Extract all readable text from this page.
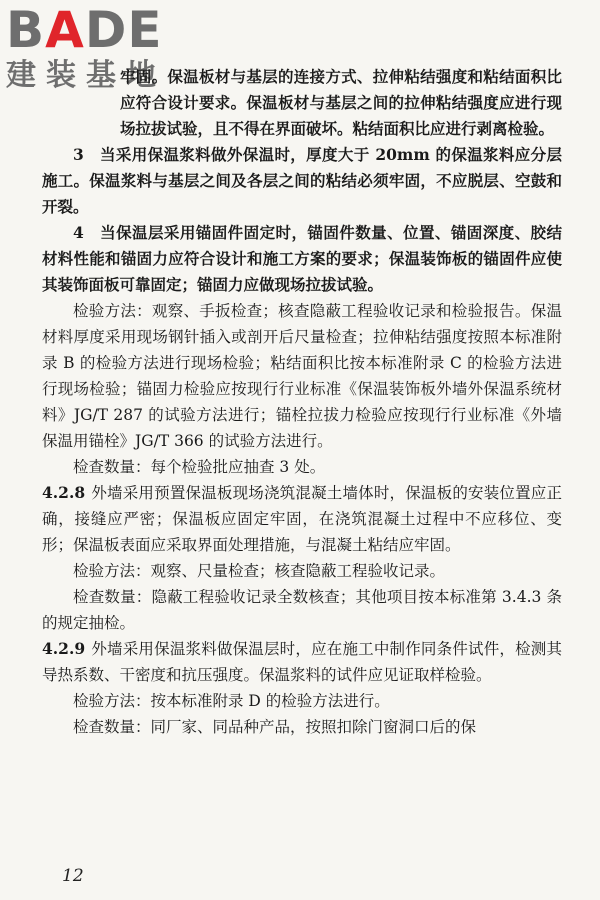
BADE
建装基地

牢固。保温板材与基层的连接方式、拉伸粘结强度和粘结面积比应符合设计要求。保温板材与基层之间的拉伸粘结强度应进行现场拉拔试验，且不得在界面破坏。粘结面积比应进行剥离检验。

3　当采用保温浆料做外保温时，厚度大于 20mm 的保温浆料应分层施工。保温浆料与基层之间及各层之间的粘结必须牢固，不应脱层、空鼓和开裂。

4　当保温层采用锚固件固定时，锚固件数量、位置、锚固深度、胶结材料性能和锚固力应符合设计和施工方案的要求；保温装饰板的锚固件应使其装饰面板可靠固定；锚固力应做现场拉拔试验。

检验方法：观察、手扳检查；核查隐蔽工程验收记录和检验报告。保温材料厚度采用现场钢针插入或剖开后尺量检查；拉伸粘结强度按照本标准附录 B 的检验方法进行现场检验；粘结面积比按本标准附录 C 的检验方法进行现场检验；锚固力检验应按现行行业标准《保温装饰板外墙外保温系统材料》JG/T 287 的试验方法进行；锚栓拉拔力检验应按现行行业标准《外墙保温用锚栓》JG/T 366 的试验方法进行。

检查数量：每个检验批应抽查 3 处。

4.2.8 外墙采用预置保温板现场浇筑混凝土墙体时，保温板的安装位置应正确，接缝应严密；保温板应固定牢固，在浇筑混凝土过程中不应移位、变形；保温板表面应采取界面处理措施，与混凝土粘结应牢固。

检验方法：观察、尺量检查；核查隐蔽工程验收记录。

检查数量：隐蔽工程验收记录全数核查；其他项目按本标准第 3.4.3 条的规定抽检。

4.2.9 外墙采用保温浆料做保温层时，应在施工中制作同条件试件，检测其导热系数、干密度和抗压强度。保温浆料的试件应见证取样检验。

检验方法：按本标准附录 D 的检验方法进行。

检查数量：同厂家、同品种产品，按照扣除门窗洞口后的保

12
